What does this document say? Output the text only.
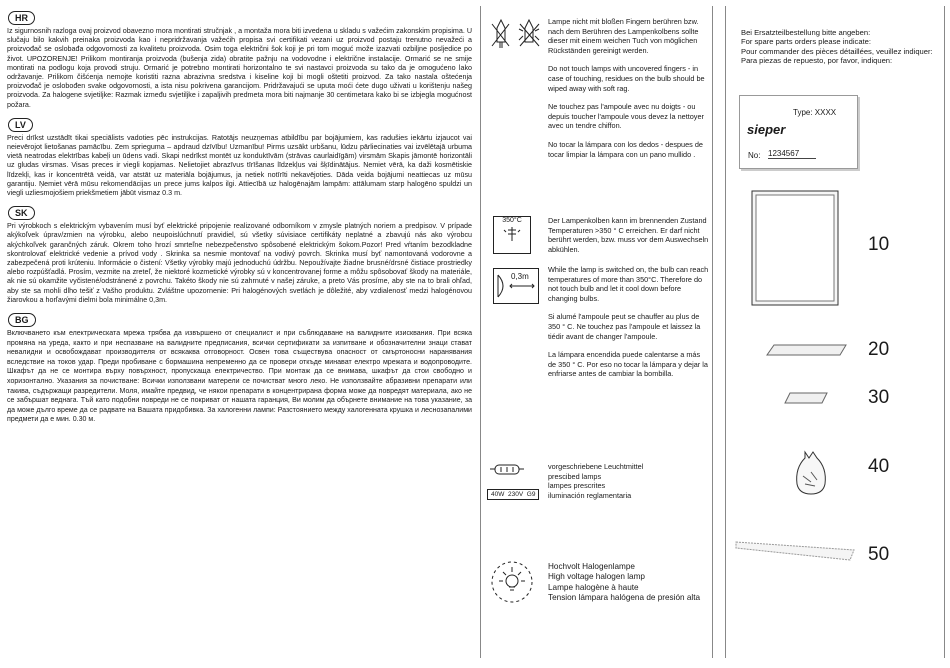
HR

Iz sigurnosnih razloga ovaj proizvod obavezno mora montirati stručnjak , a montaža mora biti izvedena u skladu s važećim zakonskim propisima. U slučaju bilo kakvih preinaka proizvoda kao i nepridržavanja važećih propisa svi certifikati vezani uz proizvod postaju trenutno nevažeći a proizvođač se oslobađa odgovornosti za kvalitetu proizvoda. Osim toga električni šok koji je pri tom moguć može izazvati ozbiljne posljedice po život. UPOZORENJE! Prilikom montiranja proizvoda (bušenja zida) obratite pažnju na vodovodne i električne instalacije. Ormarić se ne smije montirati na podlogu koja provodi struju. Ormarić je potrebno montirati horizontalno te svi nastavci proizvoda su tako da je omogućeno lako održavanje. Prilikom čišćenja nemojte koristiti razna abrazivna sredstva i kiseline koji bi mogli oštetiti proizvod. Za tako nastala oštećenja proizvođač je oslobođen svake odgovornosti, a ista nisu pokrivena garancijom. Pridržavajući se uputa moći ćete dugo uživati u korištenju našeg proizvoda. Za halogene svjetiljke: Razmak između svjetiljke i zapaljivih predmeta mora biti najmanje 30 centimetara kako bi se izbjegla mogućnost požara.

LV

Preci drīkst uzstādīt tikai speciālists vadoties pēc instrukcijas. Ratotājs neuzņemas atbildību par bojājumiem, kas radušies iekārtu izjaucot vai neievērojot lietošanas pamācību. Zem sprieguma – apdraud dzīvību! Uzmanību! Pirms uzsākt urbšanu, lūdzu pārliecinaties vai izvēlētajā urbuma vietā neatrodas elektrības kabeļi un ūdens vadi. Skapi nedrīkst montēt uz konduktīvām (strāvas caurlaidīgām) virsmām Skapis jāmontē horizontāli uz gludas virsmas. Visas preces ir viegli kopjamas. Nelietojiet abrazīvus tīrīšanas līdzekļus vai šķīdinātājus. Nemiet vērā, ka daži kosmētiskie līdzekļi, kas ir koncentrētā veidā, var atstāt uz materiāla bojājumus, ja netiek notīrīti nekavējoties. Dāda veida bojājumi neattiecas uz mūsu garantiju. Ņemiet vērā mūsu rekomendācijas un prece jums kalpos ilgi. Attiecībā uz halogēnajām lampām: attālumam starp halogēno spuldzi un viegli uzliesmojošiem priekšmetiem jābūt vismaz 0.3 m.

SK

Pri výrobkoch s elektrickým vybavením musí byť elektrické pripojenie realizované odborníkom v zmysle platných noriem a predpisov. V prípade akýkoľvek úprav/zmien na výrobku, alebo neupoislúchnutí pravidiel, sú všetky súvisiace certifikáty neplatné a zbavujú nás ako výrobcu akýchkoľvek garančných záruk. Okrem toho hrozí smrteľne nebezpečenstvo spôsobené elektrickým šokom.Pozor! Pred vŕtaním bezodkladne skontrolovať elektrické vedenie a prívod vody . Skrinka sa nesmie montovať na vodivý povrch. Skrinka musí byť namontovaná vodorovne a zabezpečená proti krúteniu. Informácie o čistení: Všetky výrobky majú jednoduchú údržbu. Nepoužívajte žiadne brusné/drsné čistiace prostriedky alebo rozpúšťadlá. Prosím, vezmite na zreteľ, že niektoré kozmetické výrobky sú v koncentrovanej forme a môžu spôsobovať škody na materiále, ak nie sú okamžite vyčistené/odstránené z povrchu. Takéto škody nie sú zahrnuté v našej záruke, a preto Vás prosíme, aby ste na to brali ohľad, aby ste sa mohli dlho tešiť z Vašho produktu. Zvláštne upozornenie: Pri halogénových svetlách je dôležité, aby vzdialenosť medzi halogénovou žiarovkou a horľavými dielmi bola minimálne 0,3m.

BG

Включването към електрическата мрежа трябва да извършено от специалист и при съблюдаване на валидните изисквания. При всяка промяна на уреда, както и при неспазване на валидните предписания, всички сертификати за изпитване и обозначителни знаци стават невалидни и освобождават производителя от всякаква отговорност. Освен това съществува опасност от смъртоносни наранявания вследствие на токов удар. Преди пробиване с бормашина непременно да се провери откъде минават електро мрежата и водопроводите. Шкафът да не се монтира върху повърхност, пропускаща електричество. При монтаж да се внимава, шкафът да стои свободно и хоризонтално. Указания за почистване: Всички използвани матерели се почистват много леко. Не използвайте абразивни препарати или такива, съдържащи разредители. Моля, имайте предвид, че някои препарати в концентрирана форма може да повредят материала, ако не се забършат веднага. Тъй като подобни повреди не се покриват от нашата гаранция, Ви молим да обърнете внимание на това указание, за да може дълго време да се радвате на Вашата придобивка. За халогенни лампи: Разстоянието между халогенната крушка и леснозапалими предмети да е мин. 0.30 м.

Lampe nicht mit bloßen Fingern berühren bzw. nach dem Berühren des Lampenkolbens sollte dieser mit einem weichen Tuch von möglichen Rückständen gereinigt werden.

Do not touch lamps with uncovered fingers - in case of touching, residues on the bulb should be wiped away with soft rag.

Ne touchez pas l'ampoule avec nu doigts - ou depuis toucher l'ampoule vous devez la nettoyer avec un tendre chiffon.

No tocar la lámpara con los dedos - despues de tocar limpiar la lámpara con un pano mullido .

350°C	Der Lampenkolben kann im brennenden Zustand Temperaturen >350 ° C erreichen. Er darf nicht berührt werden, bzw. muss vor dem Auswechseln abkühlen.

0,3m

While the lamp is switched on, the bulb can reach temperatures of more than 350°C. Therefore do not touch bulb and let it cool down before changing bulbs.

Si alumé l'ampoule peut se chauffer au plus de 350 ° C. Ne touchez pas l'ampoule et laissez la tiédir avant de changer l'ampoule.

La lámpara encendida puede calentarse a más de 350 ° C. Por eso no tocar la lámpara y dejar la enfriarse antes de cambiar la bombilla.

40W  230V  G9

vorgeschriebene Leuchtmittel

prescibed lamps

lampes prescrites

iluminación reglamentaria

Hochvolt Halogenlampe

High voltage halogen lamp

Lampe halogène à haute

Tension lámpara halógena de presión alta

Bei Ersatzteilbestellung bitte angeben:

For spare parts orders please indicate:

Pour commander des pièces détaillées, veuillez indiquer:

Para piezas de repuesto, por favor, indiquen:

sieper
Type: XXXX
No: 1234567
10
20
30
40
50
